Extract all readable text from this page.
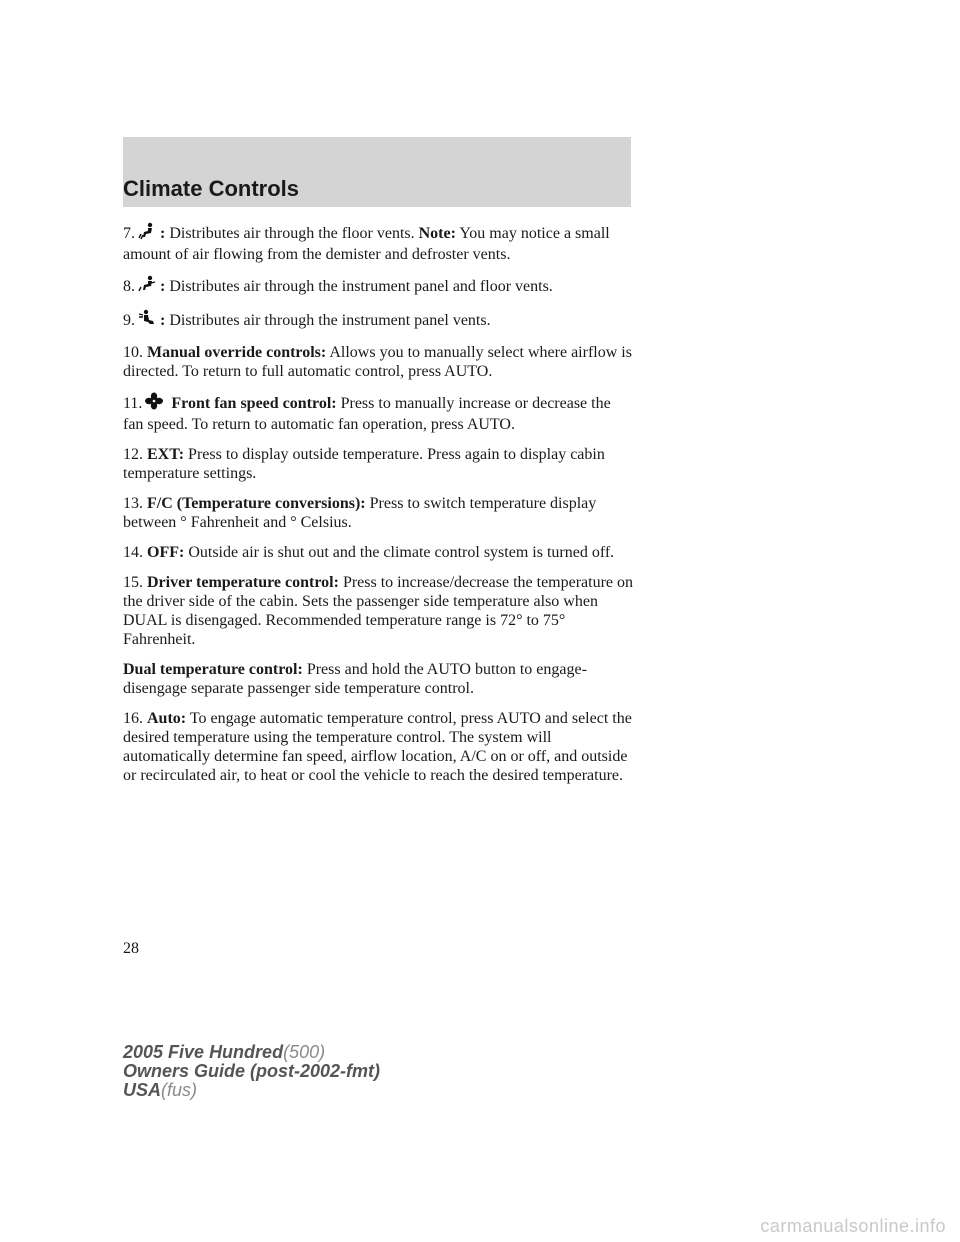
Climate Controls

7. : Distributes air through the floor vents. Note: You may notice a small amount of air flowing from the demister and defroster vents.

8. : Distributes air through the instrument panel and floor vents.

9. : Distributes air through the instrument panel vents.

10. Manual override controls: Allows you to manually select where airflow is directed. To return to full automatic control, press AUTO.

11. Front fan speed control: Press to manually increase or decrease the fan speed. To return to automatic fan operation, press AUTO.

12. EXT: Press to display outside temperature. Press again to display cabin temperature settings.

13. F/C (Temperature conversions): Press to switch temperature display between ° Fahrenheit and ° Celsius.

14. OFF: Outside air is shut out and the climate control system is turned off.

15. Driver temperature control: Press to increase/decrease the temperature on the driver side of the cabin. Sets the passenger side temperature also when DUAL is disengaged. Recommended temperature range is 72° to 75° Fahrenheit.

Dual temperature control: Press and hold the AUTO button to engage-disengage separate passenger side temperature control.

16. Auto: To engage automatic temperature control, press AUTO and select the desired temperature using the temperature control. The system will automatically determine fan speed, airflow location, A/C on or off, and outside or recirculated air, to heat or cool the vehicle to reach the desired temperature.

28
2005 Five Hundred(500)
Owners Guide (post-2002-fmt)
USA(fus)
carmanualsonline.info
